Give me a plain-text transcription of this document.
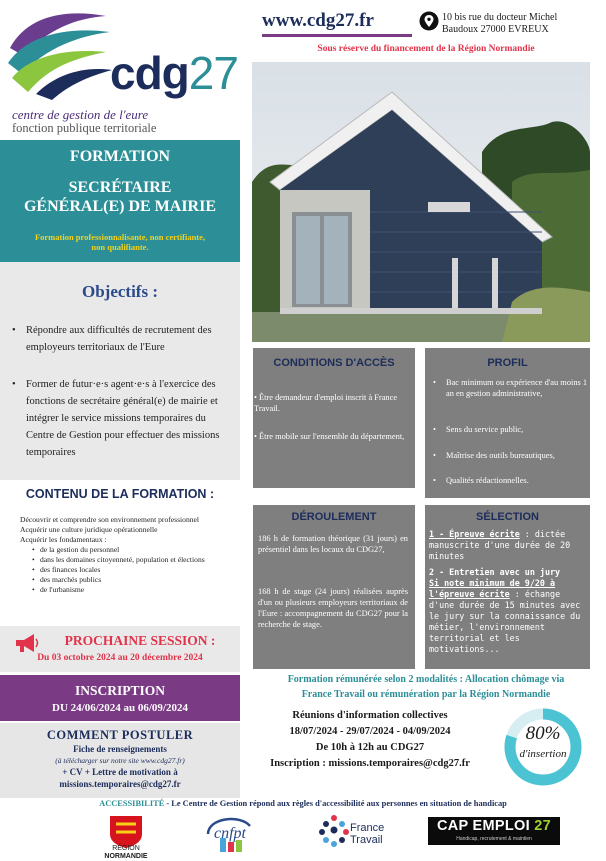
cdg27
centre de gestion de l'eure
fonction publique territoriale
FORMATION
SECRÉTAIRE
GÉNÉRAL(E) DE MAIRIE
Formation professionnalisante, non certifiante,
non qualifiante.
Objectifs :
• Répondre aux difficultés de recrutement des employeurs territoriaux de l'Eure
• Former de futur·e·s agent·e·s à l'exercice des fonctions de secrétaire général(e) de mairie et intégrer le service missions temporaires du Centre de Gestion pour effectuer des missions temporaires
CONTENU DE LA FORMATION :
Découvrir et comprendre son environnement professionnel
Acquérir une culture juridique opérationnelle
Acquérir les fondamentaux :
• de la gestion du personnel
• dans les domaines citoyenneté, population et élections
• des finances locales
• des marchés publics
• de l'urbanisme
PROCHAINE SESSION :
Du 03 octobre 2024 au 20 décembre 2024
INSCRIPTION
DU 24/06/2024 au 06/09/2024
COMMENT POSTULER
Fiche de renseignements
(à télécharger sur notre site www.cdg27.fr)
+ CV + Lettre de motivation à
missions.temporaires@cdg27.fr
www.cdg27.fr	10 bis rue du docteur Michel
Baudoux 27000 EVREUX
Sous réserve du financement de la Région Normandie
CONDITIONS D'ACCÈS
• Être demandeur d'emploi inscrit à France Travail.
• Être mobile sur l'ensemble du département,
PROFIL
• Bac minimum ou expérience d'au moins 1 an en gestion administrative,
• Sens du service public,
• Maîtrise des outils bureautiques,
• Qualités rédactionnelles.
DÉROULEMENT
186 h de formation théorique (31 jours) en présentiel dans les locaux du CDG27,
168 h de stage (24 jours) réalisées auprès d'un ou plusieurs employeurs territoriaux de l'Eure : accompagnement du CDG27 pour la recherche de stage.
SÉLECTION
1 - Épreuve écrite : dictée manuscrite d'une durée de 20 minutes
2 - Entretien avec un jury
Si note minimum de 9/20 à l'épreuve écrite : échange d'une durée de 15 minutes avec le jury sur la connaissance du métier, l'environnement territorial et les motivations...
Formation rémunérée selon 2 modalités : Allocation chômage via
France Travail ou rémunération par la Région Normandie
Réunions d'information collectives
18/07/2024 - 29/07/2024 - 04/09/2024
De 10h à 12h au CDG27
Inscription : missions.temporaires@cdg27.fr
80%
d'insertion
ACCESSIBILITÉ - Le Centre de Gestion répond aux règles d'accessibilité aux personnes en situation de handicap
RÉGION
NORMANDIE
cnfpt	France
Travail
CAP EMPLOI 27
Handicap, recrutement & maintien
